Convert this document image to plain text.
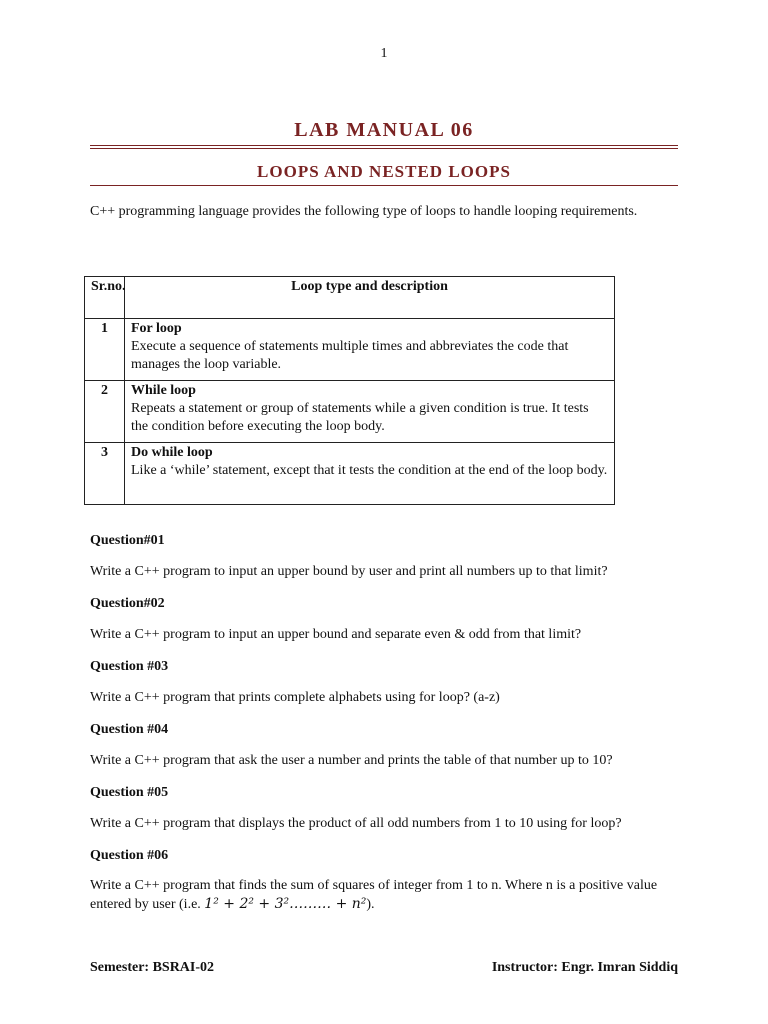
1
LAB MANUAL 06
LOOPS AND NESTED LOOPS
C++ programming language provides the following type of loops to handle looping requirements.
Sr.no.	Loop type and description
1	For loop
Execute a sequence of statements multiple times and abbreviates the code that manages the loop variable.

2	While loop
Repeats a statement or group of statements while a given condition is true. It tests the condition before executing the loop body.

3	Do while loop
Like a ‘while’ statement, except that it tests the condition at the end of the loop body.

Question#01

Write a C++ program to input an upper bound by user and print all numbers up to that limit?

Question#02

Write a C++ program to input an upper bound and separate even & odd from that limit?

Question #03

Write a C++ program that prints complete alphabets using for loop? (a-z)

Question #04

Write a C++ program that ask the user a number and prints the table of that number up to 10?

Question #05

Write a C++ program that displays the product of all odd numbers from 1 to 10 using for loop?

Question #06

Write a C++ program that finds the sum of squares of integer from 1 to n. Where n is a positive value entered by user (i.e. 1² + 2² + 3²……… + n²).

Semester: BSRAI-02	Instructor: Engr. Imran Siddiq
